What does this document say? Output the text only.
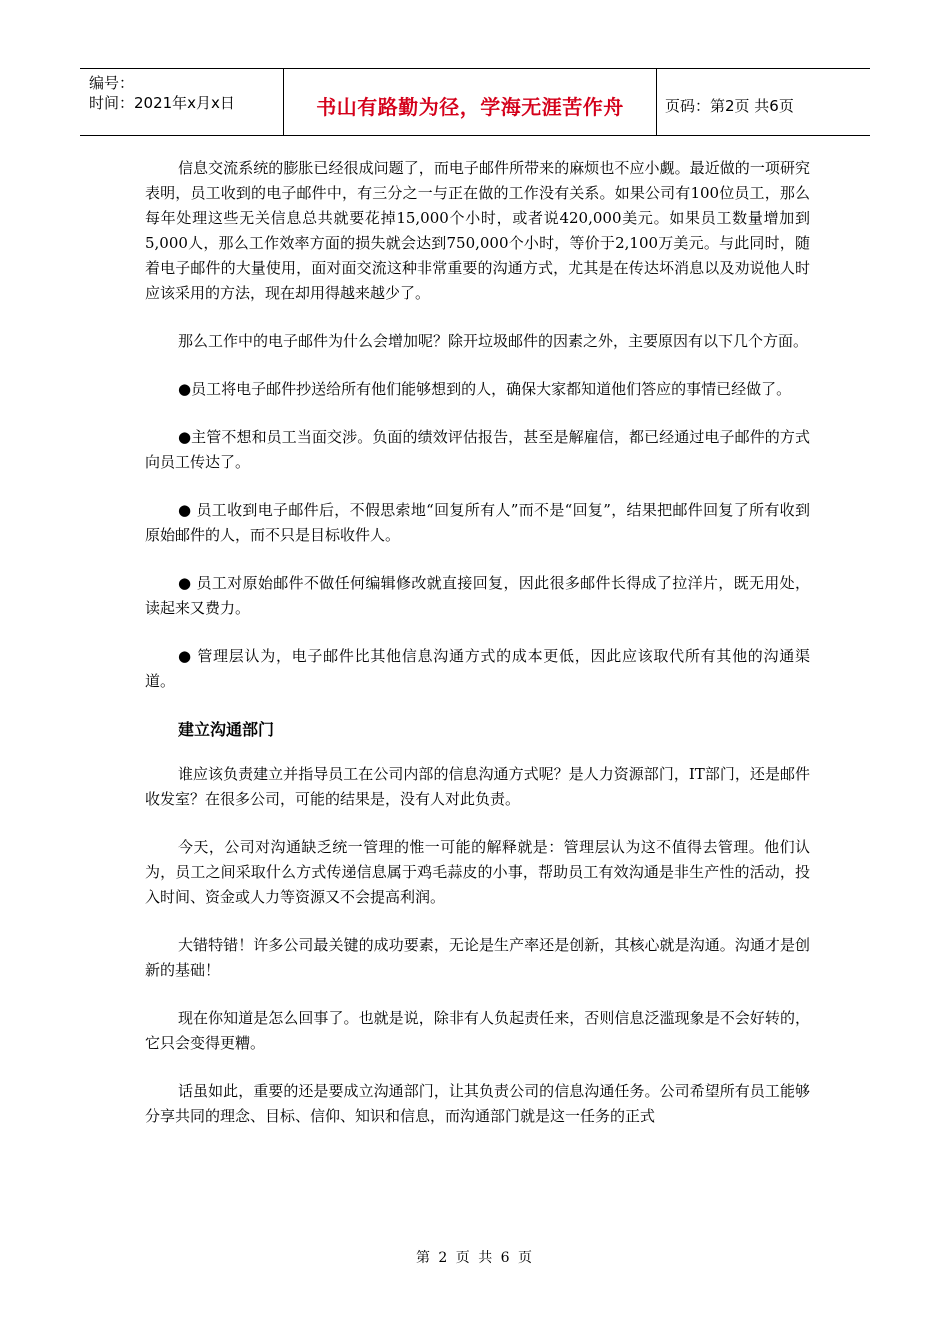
编号：
时间：2021年x月x日	书山有路勤为径，学海无涯苦作舟	页码：第2页 共6页

信息交流系统的膨胀已经很成问题了，而电子邮件所带来的麻烦也不应小觑。最近做的一项研究表明，员工收到的电子邮件中，有三分之一与正在做的工作没有关系。如果公司有100位员工，那么每年处理这些无关信息总共就要花掉15,000个小时，或者说420,000美元。如果员工数量增加到5,000人，那么工作效率方面的损失就会达到750,000个小时，等价于2,100万美元。与此同时，随着电子邮件的大量使用，面对面交流这种非常重要的沟通方式，尤其是在传达坏消息以及劝说他人时应该采用的方法，现在却用得越来越少了。

那么工作中的电子邮件为什么会增加呢？除开垃圾邮件的因素之外，主要原因有以下几个方面。

●员工将电子邮件抄送给所有他们能够想到的人，确保大家都知道他们答应的事情已经做了。

●主管不想和员工当面交涉。负面的绩效评估报告，甚至是解雇信，都已经通过电子邮件的方式向员工传达了。

● 员工收到电子邮件后，不假思索地“回复所有人”而不是“回复”，结果把邮件回复了所有收到原始邮件的人，而不只是目标收件人。

● 员工对原始邮件不做任何编辑修改就直接回复，因此很多邮件长得成了拉洋片，既无用处，读起来又费力。

● 管理层认为，电子邮件比其他信息沟通方式的成本更低，因此应该取代所有其他的沟通渠道。

建立沟通部门

谁应该负责建立并指导员工在公司内部的信息沟通方式呢？是人力资源部门，IT部门，还是邮件收发室？在很多公司，可能的结果是，没有人对此负责。

今天，公司对沟通缺乏统一管理的惟一可能的解释就是：管理层认为这不值得去管理。他们认为，员工之间采取什么方式传递信息属于鸡毛蒜皮的小事，帮助员工有效沟通是非生产性的活动，投入时间、资金或人力等资源又不会提高利润。

大错特错！许多公司最关键的成功要素，无论是生产率还是创新，其核心就是沟通。沟通才是创新的基础！

现在你知道是怎么回事了。也就是说，除非有人负起责任来，否则信息泛滥现象是不会好转的，它只会变得更糟。

话虽如此，重要的还是要成立沟通部门，让其负责公司的信息沟通任务。公司希望所有员工能够分享共同的理念、目标、信仰、知识和信息，而沟通部门就是这一任务的正式

第 2 页 共 6 页
